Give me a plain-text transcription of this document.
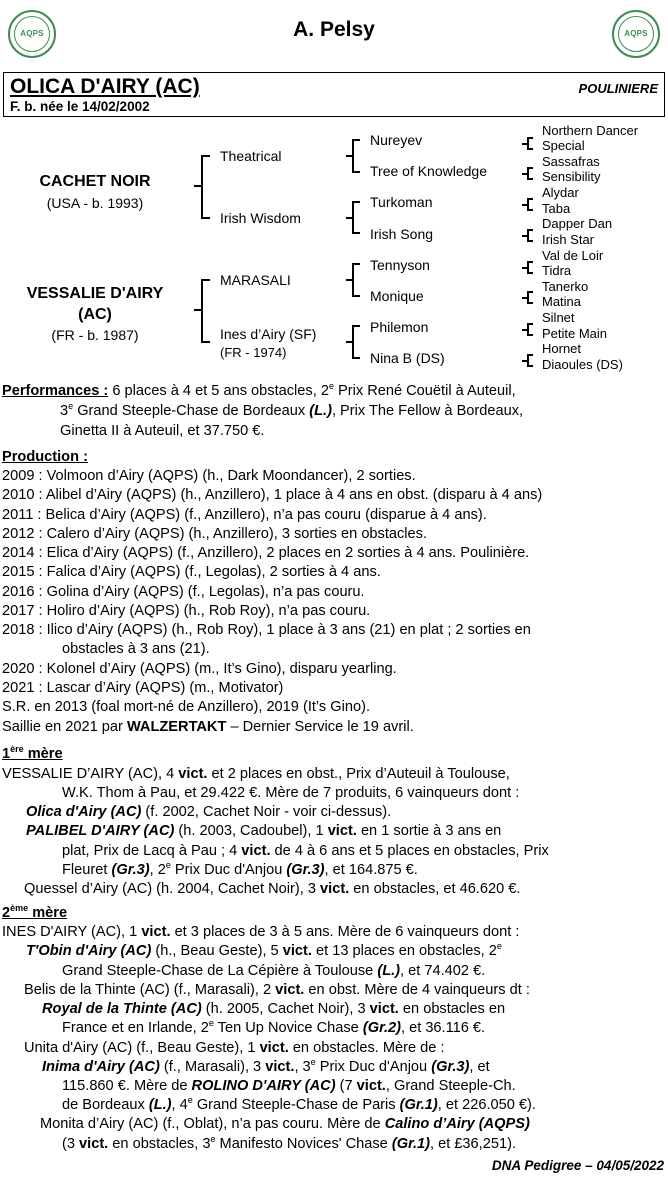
AQPS	AQPS
A. Pelsy
OLICA D'AIRY (AC)	POULINIERE
F. b. née le 14/02/2002
CACHET NOIR
(USA - b. 1993)
VESSALIE D'AIRY
(AC)
(FR - b. 1987)
Theatrical
Irish Wisdom
MARASALI
Ines d’Airy (SF)
(FR - 1974)
Nureyev
Tree of Knowledge
Turkoman
Irish Song
Tennyson
Monique
Philemon
Nina B (DS)
Northern Dancer
Special
Sassafras
Sensibility
Alydar
Taba
Dapper Dan
Irish Star
Val de Loir
Tidra
Tanerko
Matina
Silnet
Petite Main
Hornet
Diaoules (DS)
Performances : 6 places à 4 et 5 ans obstacles, 2e Prix René Couëtil à Auteuil,
3e Grand Steeple-Chase de Bordeaux (L.), Prix The Fellow à Bordeaux,
Ginetta II à Auteuil, et 37.750 €.
Production :
2009 : Volmoon d’Airy (AQPS) (h., Dark Moondancer), 2 sorties.
2010 : Alibel d’Airy (AQPS) (h., Anzillero), 1 place à 4 ans en obst. (disparu à 4 ans)
2011 : Belica d’Airy (AQPS) (f., Anzillero), n’a pas couru (disparue à 4 ans).
2012 : Calero d’Airy (AQPS) (h., Anzillero), 3 sorties en obstacles.
2014 : Elica d’Airy (AQPS) (f., Anzillero), 2 places en 2 sorties à 4 ans. Poulinière.
2015 : Falica d’Airy (AQPS) (f., Legolas), 2 sorties à 4 ans.
2016 : Golina d’Airy (AQPS) (f., Legolas), n’a pas couru.
2017 : Holiro d’Airy (AQPS) (h., Rob Roy), n’a pas couru.
2018 : Ilico d’Airy (AQPS) (h., Rob Roy), 1 place à 3 ans (21) en plat ; 2 sorties en
obstacles à 3 ans (21).
2020 : Kolonel d’Airy (AQPS) (m., It’s Gino), disparu yearling.
2021 : Lascar d’Airy (AQPS) (m., Motivator)
S.R. en 2013 (foal mort-né de Anzillero), 2019 (It’s Gino).
Saillie en 2021 par WALZERTAKT – Dernier Service le 19 avril.
1ère mère
VESSALIE D’AIRY (AC), 4 vict. et 2 places en obst., Prix d’Auteuil à Toulouse,
W.K. Thom à Pau, et 29.422 €. Mère de 7 produits, 6 vainqueurs dont :
Olica d'Airy (AC) (f. 2002, Cachet Noir - voir ci-dessus).
PALIBEL D'AIRY (AC) (h. 2003, Cadoubel), 1 vict. en 1 sortie à 3 ans en
plat, Prix de Lacq à Pau ; 4 vict. de 4 à 6 ans et 5 places en obstacles, Prix
Fleuret (Gr.3), 2e Prix Duc d'Anjou (Gr.3), et 164.875 €.
Quessel d’Airy (AC) (h. 2004, Cachet Noir), 3 vict. en obstacles, et 46.620 €.
2ème mère
INES D'AIRY (AC), 1 vict. et 3 places de 3 à 5 ans. Mère de 6 vainqueurs dont :
T'Obin d'Airy (AC) (h., Beau Geste), 5 vict. et 13 places en obstacles, 2e
Grand Steeple-Chase de La Cépière à Toulouse (L.), et 74.402 €.
Belis de la Thinte (AC) (f., Marasali), 2 vict. en obst. Mère de 4 vainqueurs dt :
Royal de la Thinte (AC) (h. 2005, Cachet Noir), 3 vict. en obstacles en
France et en Irlande, 2e Ten Up Novice Chase (Gr.2), et 36.116 €.
Unita d'Airy (AC) (f., Beau Geste), 1 vict. en obstacles. Mère de :
Inima d'Airy (AC) (f., Marasali), 3 vict., 3e Prix Duc d'Anjou (Gr.3), et
115.860 €. Mère de ROLINO D'AIRY (AC) (7 vict., Grand Steeple-Ch.
de Bordeaux (L.), 4e Grand Steeple-Chase de Paris (Gr.1), et 226.050 €).
Monita d’Airy (AC) (f., Oblat), n’a pas couru. Mère de Calino d’Airy (AQPS)
(3 vict. en obstacles, 3e Manifesto Novices' Chase (Gr.1), et £36,251).
DNA Pedigree – 04/05/2022
